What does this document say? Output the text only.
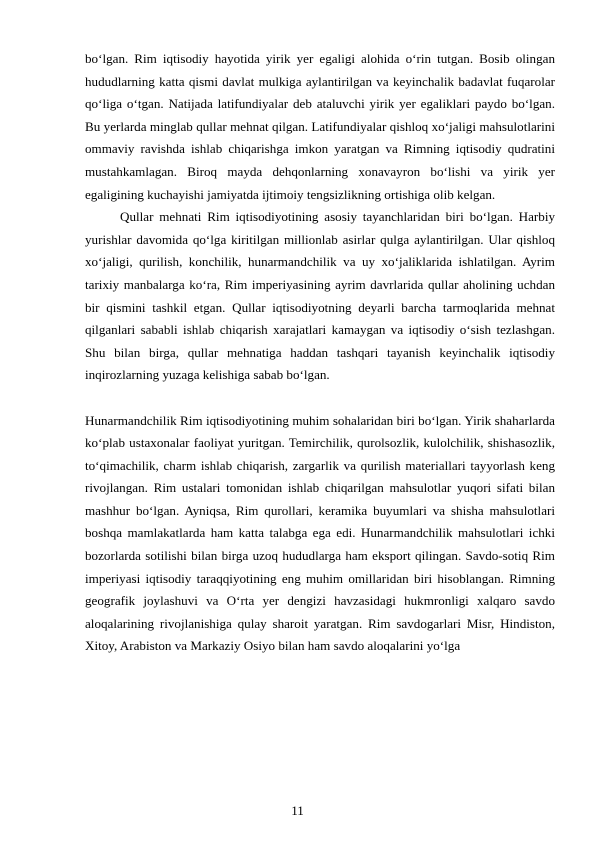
bo‘lgan. Rim iqtisodiy hayotida yirik yer egaligi alohida o‘rin tutgan. Bosib olingan hududlarning katta qismi davlat mulkiga aylantirilgan va keyinchalik badavlat fuqarolar qo‘liga o‘tgan. Natijada latifundiyalar deb ataluvchi yirik yer egaliklari paydo bo‘lgan. Bu yerlarda minglab qullar mehnat qilgan. Latifundiyalar qishloq xo‘jaligi mahsulotlarini ommaviy ravishda ishlab chiqarishga imkon yaratgan va Rimning iqtisodiy qudratini mustahkamlagan. Biroq mayda dehqonlarning xonavayron bo‘lishi va yirik yer egaligining kuchayishi jamiyatda ijtimoiy tengsizlikning ortishiga olib kelgan.

Qullar mehnati Rim iqtisodiyotining asosiy tayanchlaridan biri bo‘lgan. Harbiy yurishlar davomida qo‘lga kiritilgan millionlab asirlar qulga aylantirilgan. Ular qishloq xo‘jaligi, qurilish, konchilik, hunarmandchilik va uy xo‘jaliklarida ishlatilgan. Ayrim tarixiy manbalarga ko‘ra, Rim imperiyasining ayrim davrlarida qullar aholining uchdan bir qismini tashkil etgan. Qullar iqtisodiyotning deyarli barcha tarmoqlarida mehnat qilganlari sababli ishlab chiqarish xarajatlari kamaygan va iqtisodiy o‘sish tezlashgan. Shu bilan birga, qullar mehnatiga haddan tashqari tayanish keyinchalik iqtisodiy inqirozlarning yuzaga kelishiga sabab bo‘lgan.

Hunarmandchilik Rim iqtisodiyotining muhim sohalaridan biri bo‘lgan. Yirik shaharlarda ko‘plab ustaxonalar faoliyat yuritgan. Temirchilik, qurolsozlik, kulolchilik, shishasozlik, to‘qimachilik, charm ishlab chiqarish, zargarlik va qurilish materiallari tayyorlash keng rivojlangan. Rim ustalari tomonidan ishlab chiqarilgan mahsulotlar yuqori sifati bilan mashhur bo‘lgan. Ayniqsa, Rim qurollari, keramika buyumlari va shisha mahsulotlari boshqa mamlakatlarda ham katta talabga ega edi. Hunarmandchilik mahsulotlari ichki bozorlarda sotilishi bilan birga uzoq hududlarga ham eksport qilingan. Savdo-sotiq Rim imperiyasi iqtisodiy taraqqiyotining eng muhim omillaridan biri hisoblangan. Rimning geografik joylashuvi va O‘rta yer dengizi havzasidagi hukmronligi xalqaro savdo aloqalarining rivojlanishiga qulay sharoit yaratgan. Rim savdogarlari Misr, Hindiston, Xitoy, Arabiston va Markaziy Osiyo bilan ham savdo aloqalarini yo‘lga

11
